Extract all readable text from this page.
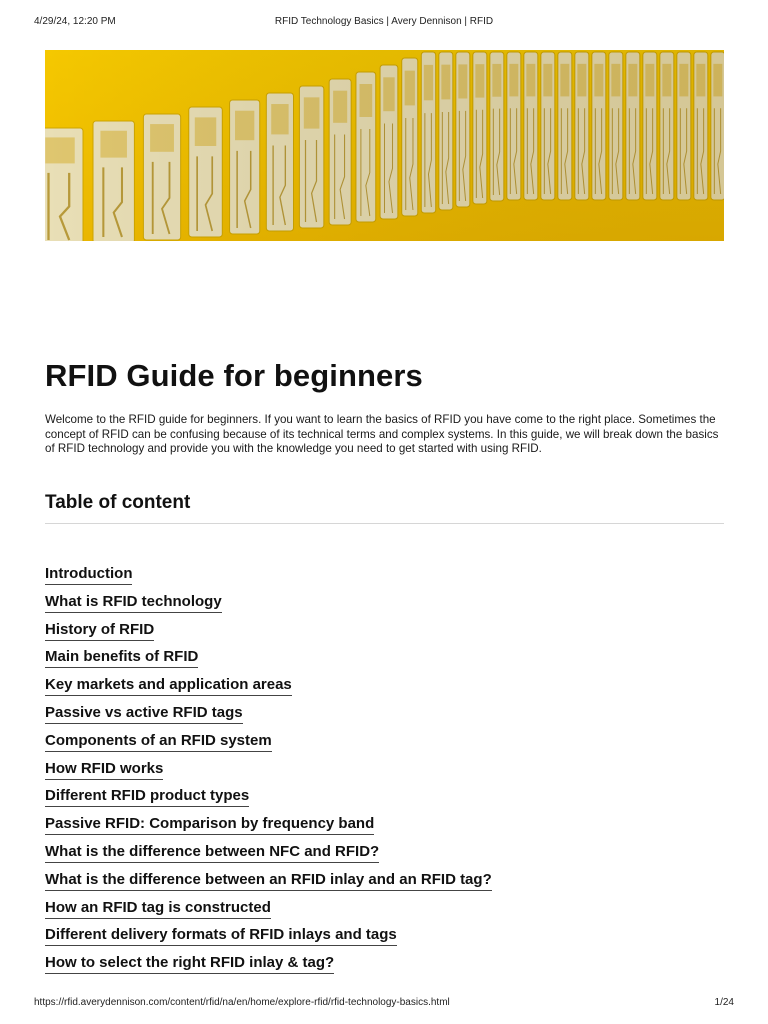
4/29/24, 12:20 PM	RFID Technology Basics | Avery Dennison | RFID
RFID Guide for beginners

Welcome to the RFID guide for beginners. If you want to learn the basics of RFID you have come to the right place. Sometimes the concept of RFID can be confusing because of its technical terms and complex systems. In this guide, we will break down the basics of RFID technology and provide you with the knowledge you need to get started with using RFID.

Table of content
Introduction
What is RFID technology
History of RFID
Main benefits of RFID
Key markets and application areas
Passive vs active RFID tags
Components of an RFID system
How RFID works
Different RFID product types
Passive RFID: Comparison by frequency band
What is the difference between NFC and RFID?
What is the difference between an RFID inlay and an RFID tag?
How an RFID tag is constructed
Different delivery formats of RFID inlays and tags
How to select the right RFID inlay & tag?
https://rfid.averydennison.com/content/rfid/na/en/home/explore-rfid/rfid-technology-basics.html	1/24
